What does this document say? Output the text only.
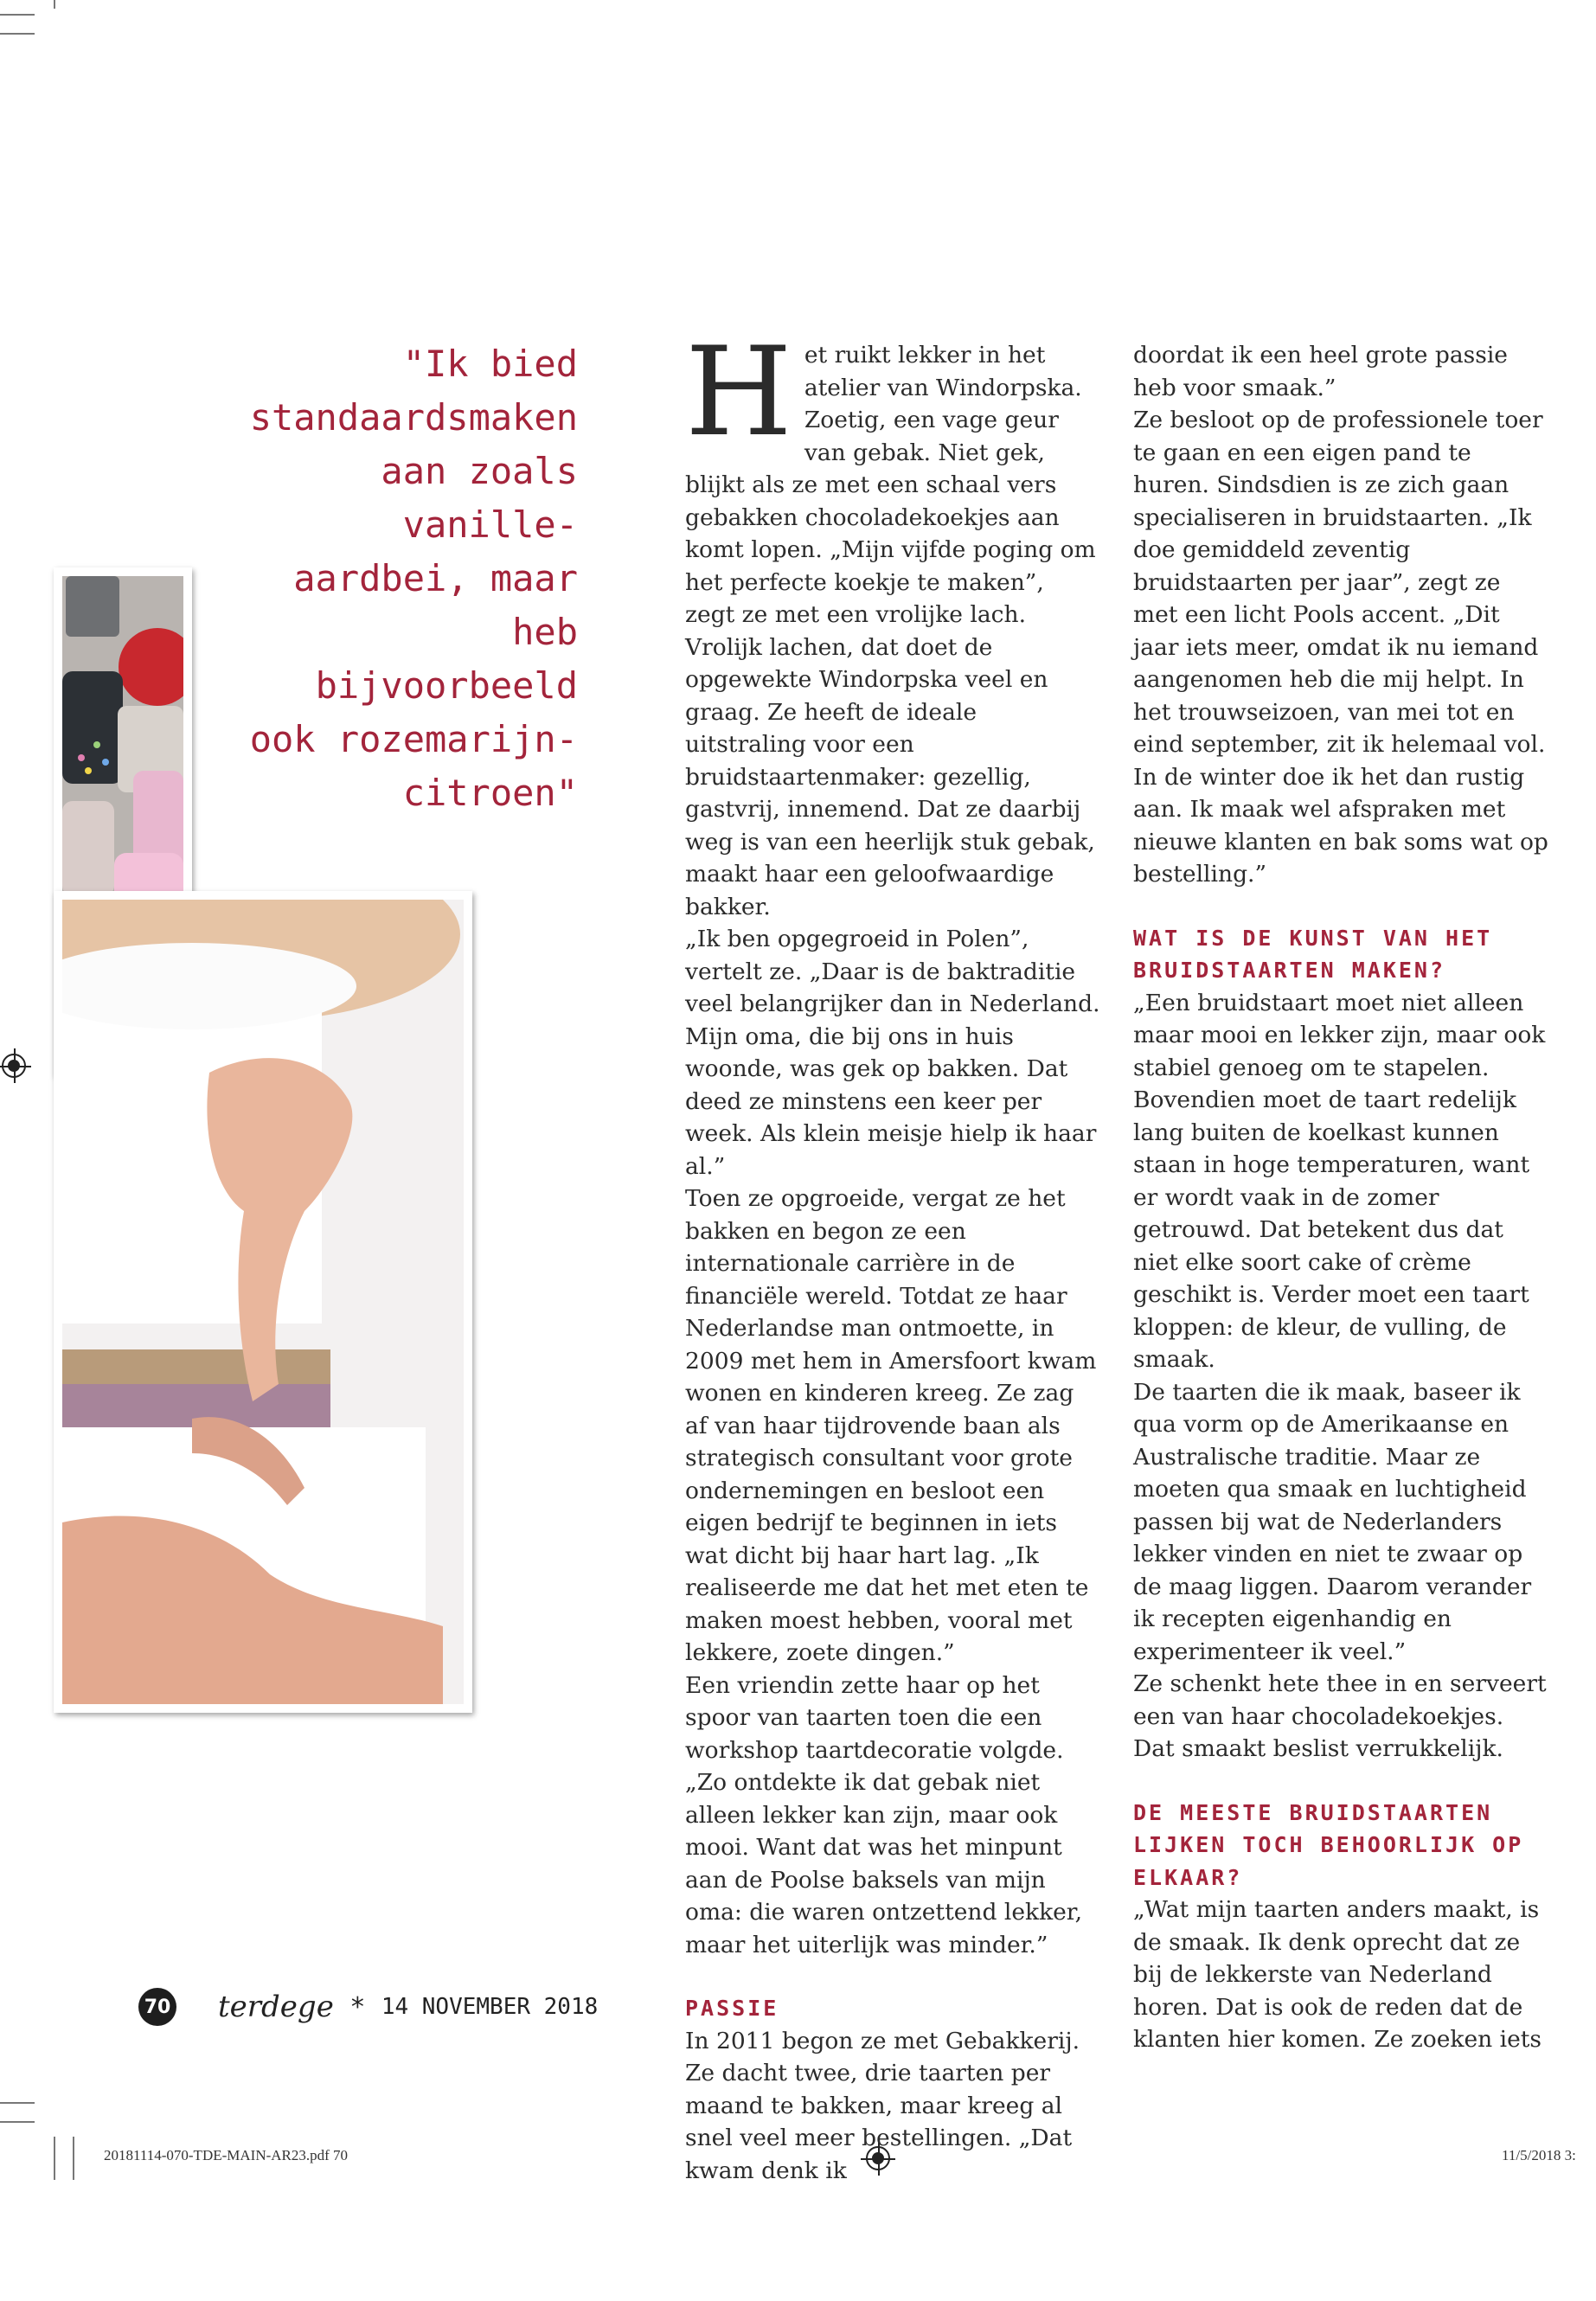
"Ik bied standaardsmaken aan zoals vanille-aardbei, maar heb bijvoorbeeld ook rozemarijn-citroen"

H et ruikt lekker in het atelier van Windorpska. Zoetig, een vage geur van gebak. Niet gek, blijkt als ze met een schaal vers gebakken chocoladekoekjes aan komt lopen. „Mijn vijfde poging om het perfecte koekje te maken”, zegt ze met een vrolijke lach.

Vrolijk lachen, dat doet de opgewekte Windorpska veel en graag. Ze heeft de ideale uitstraling voor een bruidstaartenmaker: gezellig, gastvrij, innemend. Dat ze daarbij weg is van een heerlijk stuk gebak, maakt haar een geloofwaardige bakker.

„Ik ben opgegroeid in Polen”, vertelt ze. „Daar is de baktraditie veel belangrijker dan in Nederland. Mijn oma, die bij ons in huis woonde, was gek op bakken. Dat deed ze minstens een keer per week. Als klein meisje hielp ik haar al.”

Toen ze opgroeide, vergat ze het bakken en begon ze een internationale carrière in de financiële wereld. Totdat ze haar Nederlandse man ontmoette, in 2009 met hem in Amersfoort kwam wonen en kinderen kreeg. Ze zag af van haar tijdrovende baan als strategisch consultant voor grote ondernemingen en besloot een eigen bedrijf te beginnen in iets wat dicht bij haar hart lag. „Ik realiseerde me dat het met eten te maken moest hebben, vooral met lekkere, zoete dingen.”

Een vriendin zette haar op het spoor van taarten toen die een workshop taartdecoratie volgde. „Zo ontdekte ik dat gebak niet alleen lekker kan zijn, maar ook mooi. Want dat was het minpunt aan de Poolse baksels van mijn oma: die waren ontzettend lekker, maar het uiterlijk was minder.”

PASSIE

In 2011 begon ze met Gebakkerij. Ze dacht twee, drie taarten per maand te bakken, maar kreeg al snel veel meer bestellingen. „Dat kwam denk ik

doordat ik een heel grote passie heb voor smaak.”

Ze besloot op de professionele toer te gaan en een eigen pand te huren. Sindsdien is ze zich gaan specialiseren in bruidstaarten. „Ik doe gemiddeld zeventig bruidstaarten per jaar”, zegt ze met een licht Pools accent. „Dit jaar iets meer, omdat ik nu iemand aangenomen heb die mij helpt. In het trouwseizoen, van mei tot en eind september, zit ik helemaal vol. In de winter doe ik het dan rustig aan. Ik maak wel afspraken met nieuwe klanten en bak soms wat op bestelling.”

WAT IS DE KUNST VAN HET BRUIDSTAARTEN MAKEN?

„Een bruidstaart moet niet alleen maar mooi en lekker zijn, maar ook stabiel genoeg om te stapelen. Bovendien moet de taart redelijk lang buiten de koelkast kunnen staan in hoge temperaturen, want er wordt vaak in de zomer getrouwd. Dat betekent dus dat niet elke soort cake of crème geschikt is. Verder moet een taart kloppen: de kleur, de vulling, de smaak.

De taarten die ik maak, baseer ik qua vorm op de Amerikaanse en Australische traditie. Maar ze moeten qua smaak en luchtigheid passen bij wat de Nederlanders lekker vinden en niet te zwaar op de maag liggen. Daarom verander ik recepten eigenhandig en experimenteer ik veel.”

Ze schenkt hete thee in en serveert een van haar chocoladekoekjes. Dat smaakt beslist verrukkelijk.

DE MEESTE BRUIDSTAARTEN LIJKEN TOCH BEHOORLIJK OP ELKAAR?

„Wat mijn taarten anders maakt, is de smaak. Ik denk oprecht dat ze bij de lekkerste van Nederland horen. Dat is ook de reden dat de klanten hier komen. Ze zoeken iets

70 terdege * 14 NOVEMBER 2018
20181114-070-TDE-MAIN-AR23.pdf 70	11/5/2018 3:
